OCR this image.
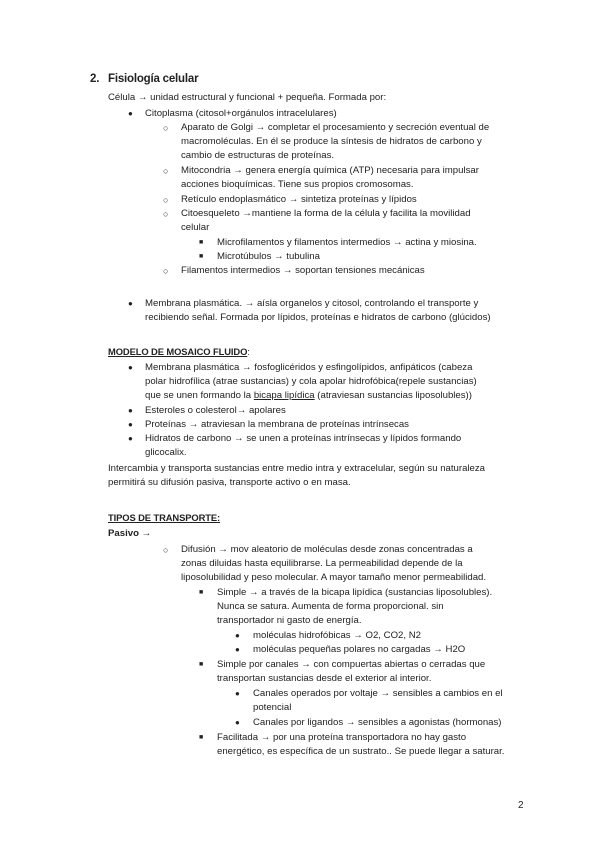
2. Fisiología celular
Célula → unidad estructural y funcional + pequeña. Formada por:
● Citoplasma (citosol+orgánulos intracelulares)
○ Aparato de Golgi → completar el procesamiento y secreción eventual de
macromoléculas. En él se produce la síntesis de hidratos de carbono y
cambio de estructuras de proteínas.
○ Mitocondria → genera energía química (ATP) necesaria para impulsar
acciones bioquímicas. Tiene sus propios cromosomas.
○ Retículo endoplasmático → sintetiza proteínas y lípidos
○ Citoesqueleto →mantiene la forma de la célula y facilita la movilidad
celular
■ Microfilamentos y filamentos intermedios → actina y miosina.
■ Microtúbulos → tubulina
○ Filamentos intermedios → soportan tensiones mecánicas
● Membrana plasmática. → aísla organelos y citosol, controlando el transporte y
recibiendo señal. Formada por lípidos, proteínas e hidratos de carbono (glúcidos)
MODELO DE MOSAICO FLUIDO:
● Membrana plasmática → fosfoglicéridos y esfingolípidos, anfipáticos (cabeza
polar hidrofílica (atrae sustancias) y cola apolar hidrofóbica(repele sustancias)
que se unen formando la bicapa lipídica (atraviesan sustancias liposolubles))
● Esteroles o colesterol→ apolares
● Proteínas → atraviesan la membrana de proteínas intrínsecas
● Hidratos de carbono → se unen a proteínas intrínsecas y lípidos formando
glicocalix.
Intercambia y transporta sustancias entre medio intra y extracelular, según su naturaleza
permitirá su difusión pasiva, transporte activo o en masa.
TIPOS DE TRANSPORTE:
Pasivo →
○ Difusión → mov aleatorio de moléculas desde zonas concentradas a
zonas diluidas hasta equilibrarse. La permeabilidad depende de la
liposolubilidad y peso molecular. A mayor tamaño menor permeabilidad.
■ Simple → a través de la bicapa lipídica (sustancias liposolubles).
Nunca se satura. Aumenta de forma proporcional. sin
transportador ni gasto de energía.
● moléculas hidrofóbicas → O2, CO2, N2
● moléculas pequeñas polares no cargadas → H2O
■ Simple por canales → con compuertas abiertas o cerradas que
transportan sustancias desde el exterior al interior.
● Canales operados por voltaje → sensibles a cambios en el
potencial
● Canales por ligandos → sensibles a agonistas (hormonas)
■ Facilitada → por una proteína transportadora no hay gasto
energético, es específica de un sustrato.. Se puede llegar a saturar.
2
